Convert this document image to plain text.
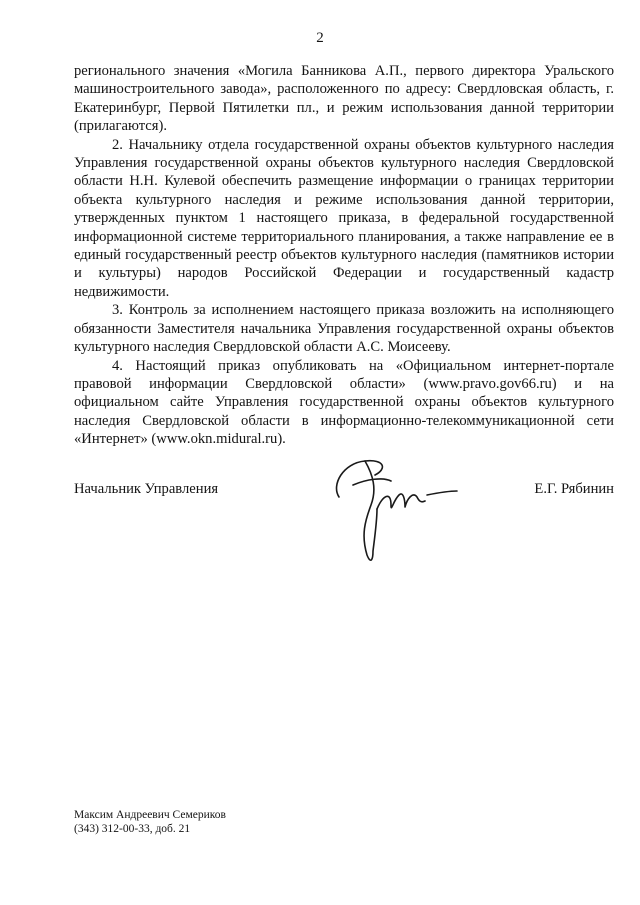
2

регионального значения «Могила Банникова А.П., первого директора Уральского машиностроительного завода», расположенного по адресу: Свердловская область, г. Екатеринбург, Первой Пятилетки пл., и режим использования данной территории (прилагаются).

2. Начальнику отдела государственной охраны объектов культурного наследия Управления государственной охраны объектов культурного наследия Свердловской области Н.Н. Кулевой обеспечить размещение информации о границах территории объекта культурного наследия и режиме использования данной территории, утвержденных пунктом 1 настоящего приказа, в федеральной государственной информационной системе территориального планирования, а также направление ее в единый государственный реестр объектов культурного наследия (памятников истории и культуры) народов Российской Федерации и государственный кадастр недвижимости.

3. Контроль за исполнением настоящего приказа возложить на исполняющего обязанности Заместителя начальника Управления государственной охраны объектов культурного наследия Свердловской области А.С. Моисееву.

4. Настоящий приказ опубликовать на «Официальном интернет-портале правовой информации Свердловской области» (www.pravo.gov66.ru) и на официальном сайте Управления государственной охраны объектов культурного наследия Свердловской области в информационно-телекоммуникационной сети «Интернет» (www.okn.midural.ru).

Начальник Управления	Е.Г. Рябинин
Максим Андреевич Семериков
(343) 312-00-33, доб. 21
